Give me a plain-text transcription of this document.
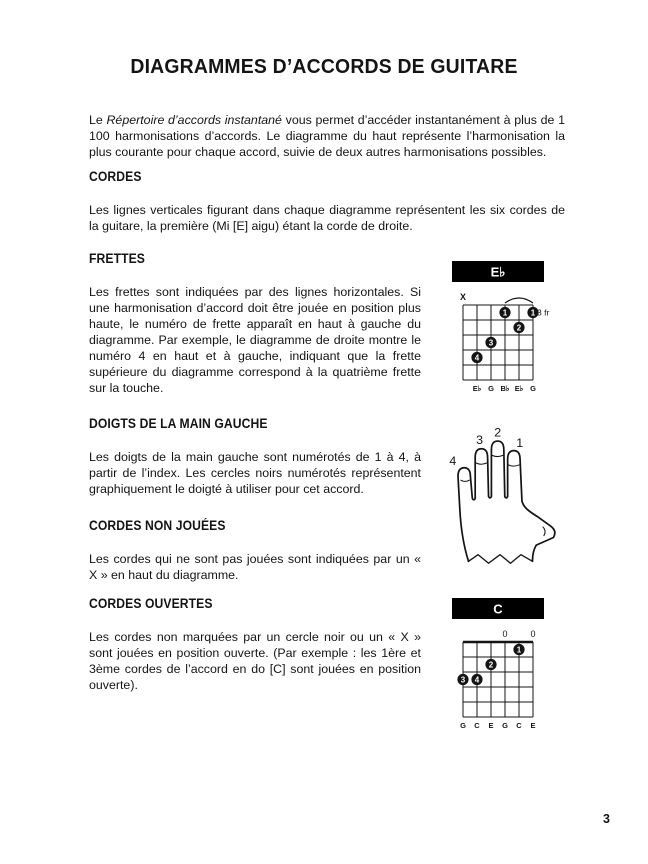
DIAGRAMMES D’ACCORDS DE GUITARE

Le Répertoire d’accords instantané vous permet d’accéder instantanément à plus de 1 100 harmonisations d’accords. Le diagramme du haut représente l’harmonisation la plus courante pour chaque accord, suivie de deux autres harmonisations possibles.

CORDES

Les lignes verticales figurant dans chaque diagramme représentent les six cordes de la guitare, la première (Mi [E] aigu) étant la corde de droite.

FRETTES

Les frettes sont indiquées par des lignes horizontales. Si une harmonisation d’accord doit être jouée en position plus haute, le numéro de frette apparaît en haut à gauche du diagramme. Par exemple, le diagramme de droite montre le numéro 4 en haut et à gauche, indiquant que la frette supérieure du diagramme correspond à la quatrième frette sur la touche.

E♭
X
1	1
2
3
4
3 fr
E♭ G B♭ E♭ G
DOIGTS DE LA MAIN GAUCHE

Les doigts de la main gauche sont numérotés de 1 à 4, à partir de l’index. Les cercles noirs numérotés représentent graphiquement le doigté à utiliser pour cet accord.

4
3
2
1
CORDES NON JOUÉES

Les cordes qui ne sont pas jouées sont indiquées par un « X » en haut du diagramme.

CORDES OUVERTES

Les cordes non marquées par un cercle noir ou un « X » sont jouées en position ouverte. (Par exemple : les 1ère et 3ème cordes de l’accord en do [C] sont jouées en position ouverte).

C
0	0
1
2
3 4
G C E G C E
3
